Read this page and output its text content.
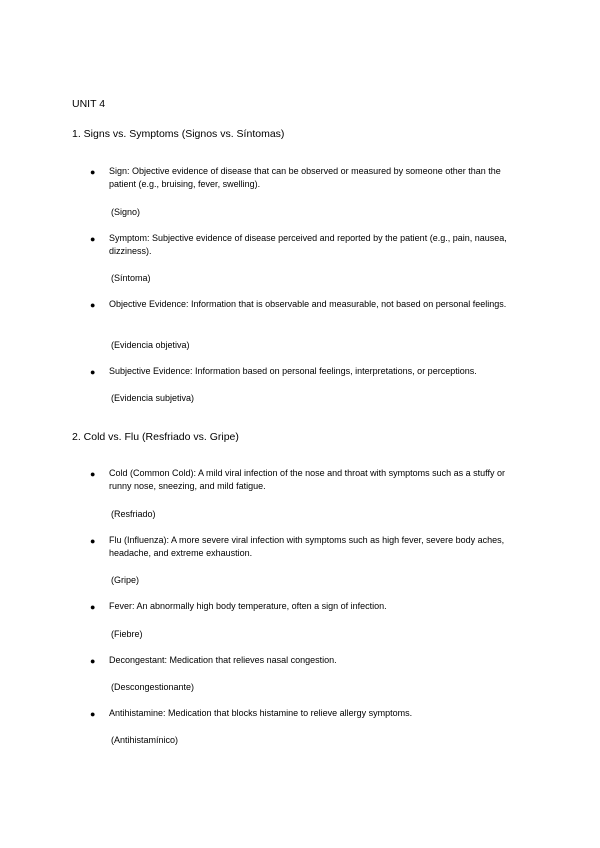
UNIT 4
1. Signs vs. Symptoms (Signos vs. Síntomas)
● Sign: Objective evidence of disease that can be observed or measured by someone other than the patient (e.g., bruising, fever, swelling).
(Signo)
● Symptom: Subjective evidence of disease perceived and reported by the patient (e.g., pain, nausea, dizziness).
(Síntoma)
● Objective Evidence: Information that is observable and measurable, not based on personal feelings.
(Evidencia objetiva)
● Subjective Evidence: Information based on personal feelings, interpretations, or perceptions.
(Evidencia subjetiva)
2. Cold vs. Flu (Resfriado vs. Gripe)
● Cold (Common Cold): A mild viral infection of the nose and throat with symptoms such as a stuffy or runny nose, sneezing, and mild fatigue.
(Resfriado)
● Flu (Influenza): A more severe viral infection with symptoms such as high fever, severe body aches, headache, and extreme exhaustion.
(Gripe)
● Fever: An abnormally high body temperature, often a sign of infection.
(Fiebre)
● Decongestant: Medication that relieves nasal congestion.
(Descongestionante)
● Antihistamine: Medication that blocks histamine to relieve allergy symptoms.
(Antihistamínico)
